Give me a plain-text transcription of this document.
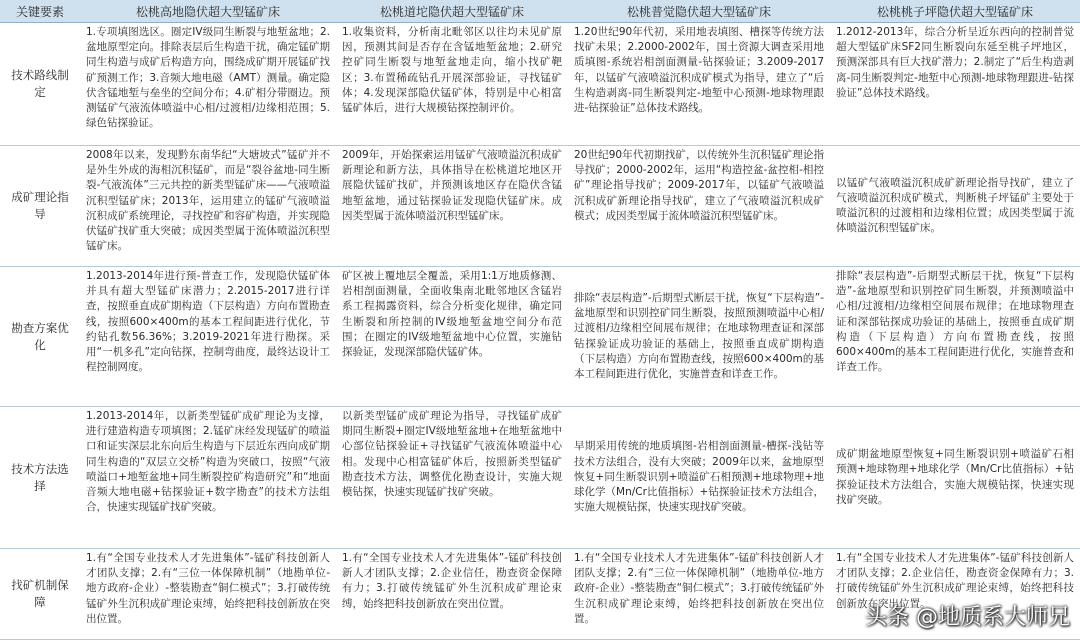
关键要素	松桃高地隐伏超大型锰矿床	松桃道坨隐伏超大型锰矿床	松桃普觉隐伏超大型锰矿床	松桃桃子坪隐伏超大型锰矿床
技术路线制定	1.专项填图选区。圈定IV级同生断裂与地堑盆地；2.盆地原型定向。排除表层后生构造干扰，确定锰矿期同生构造与成矿后构造方向，围绕成矿期开展锰矿找矿预测工作；3.音频大地电磁（AMT）测量。确定隐伏含锰地堑与垒坐的空间分布；4.矿相分带圈边。预测锰矿气液流体喷溢中心相/过渡相/边缘相范围；5.绿色钻探验证。	1.收集资料，分析南北毗邻区以往均未见矿原因，预测其间是否存在含锰地堑盆地；2.研究控矿同生断裂与地堑盆地走向，缩小找矿靶区；3.布置稀疏钻孔开展深部验证，寻找锰矿体；4.发现深部隐伏锰矿体，特别是中心相富锰矿体后，进行大规模钻探控制评价。	1.20世纪90年代初，采用地表填图、槽探等传统方法找矿未果；2.2000-2002年，国土资源大调查采用地质填图-系统岩相剖面测量-钻探验证；3.2009-2017年，以锰矿气液喷溢沉积成矿模式为指导，建立了“后生构造剥离-同生断裂判定-地堑中心预测-地球物理跟进-钻探验证”总体技术路线。	1.2012-2013年，综合分析呈近东西向的控制普觉超大型锰矿床SF2同生断裂向东延至桃子坪地区，预测深部具有巨大找矿潜力；2.制定了“后生构造剥离-同生断裂判定-地堑中心预测-地球物理跟进-钻探验证”总体技术路线。
成矿理论指导	2008年以来，发现黔东南华纪“大塘坡式”锰矿并不是外生外成的海相沉积锰矿，而是“裂谷盆地-同生断裂-气液流体”三元共控的新类型锰矿床——气液喷溢沉积型锰矿床；2013年，运用建立的锰矿气液喷溢沉积成矿系统理论，寻找控矿和容矿构造，并实现隐伏锰矿找矿重大突破；成因类型属于流体喷溢沉积型锰矿床。	2009年，开始探索运用锰矿气液喷溢沉积成矿新理论和新方法，具体指导在松桃道坨地区开展隐伏锰矿找矿，并预测该地区存在隐伏含锰地堑盆地，通过钻探验证发现隐伏锰矿床。成因类型属于流体喷溢沉积型锰矿床。	20世纪90年代初期找矿，以传统外生沉积锰矿理论指导找矿；2000-2002年，运用“构造控盆-盆控相-相控矿”理论指导找矿；2009-2017年，以锰矿气液喷溢沉积成矿新理论指导找矿，建立了气液喷溢沉积成矿模式；成因类型属于流体喷溢沉积型锰矿床。	以锰矿气液喷溢沉积成矿新理论指导找矿，建立了气液喷溢沉积成矿模式，判断桃子坪锰矿主要处于喷溢沉积的过渡相和边缘相位置；成因类型属于流体喷溢沉积型锰矿床。
勘查方案优化	1.2013-2014年进行预-普查工作，发现隐伏锰矿体并具有超大型锰矿床潜力；2.2015-2017进行详查，按照垂直成矿期构造（下层构造）方向布置勘查线，按照600×400m的基本工程间距进行优化，节约钻孔数56.36%；3.2019-2021年进行勘探。采用“一机多孔”定向钻探，控制弯曲度，最终达设计工程控制网度。	矿区被上覆地层全覆盖，采用1:1万地质修测、岩相剖面测量，全面收集南北毗邻地区含锰岩系工程揭露资料，综合分析变化规律，确定同生断裂和所控制的IV级地堑盆地空间分布范围；在圈定的IV级地堑盆地中心位置，实施钻探验证，发现深部隐伏锰矿体。	排除“表层构造”-后期型式断层干扰，恢复“下层构造”-盆地原型和识别控矿同生断裂，按照预测喷溢中心相/过渡相/边缘相空间展布规律；在地球物理查证和深部钻探验证成功验证的基础上，按照垂直成矿期构造（下层构造）方向布置勘查线，按照600×400m的基本工程间距进行优化，实施普查和详查工作。	排除“表层构造”-后期型式断层干扰，恢复“下层构造”-盆地原型和识别控矿同生断裂，并预测喷溢中心相/过渡相/边缘相空间展布规律；在地球物理查证和深部钻探成功验证的基础上，按照垂直成矿期构造（下层构造）方向布置勘查线，按照600×400m的基本工程间距进行优化，实施普查和详查工作。
技术方法选择	1.2013-2014年，以新类型锰矿成矿理论为支撑，进行建造构造专项填图；2.锰矿床经发现锰矿的喷溢口和证实深层北东向后生构造与下层近东西向成矿期同生构造的“双层立交桥”构造为突破口，按照“气液喷溢口+地堑盆地+同生断裂控矿构造研究”和“地面音频大地电磁+钻探验证+数字勘查”的技术方法组合，快速实现锰矿找矿突破。	以新类型锰矿成矿理论为指导，寻找锰矿成矿期同生断裂+圈定IV级地堑盆地+在地堑盆地中心部位钻探验证+寻找锰矿气液流体喷溢中心相。发现中心相富锰矿体后，按照新类型锰矿勘查技术方法，调整优化勘查设计，实施大规模钻探，快速实现锰矿找矿突破。	早期采用传统的地质填图-岩相剖面测量-槽探-浅钻等技术方法组合，没有大突破；2009年以来，盆地原型恢复+同生断裂识别+喷溢矿石相预测+地球物理+地球化学（Mn/Cr比值指标）+钻探验证技术方法组合，实施大规模钻探，快速实现找矿突破。	成矿期盆地原型恢复+同生断裂识别+喷溢矿石相预测+地球物理+地球化学（Mn/Cr比值指标）+钻探验证技术方法组合，实施大规模钻探，快速实现找矿突破。
找矿机制保障	1.有“全国专业技术人才先进集体”-锰矿科技创新人才团队支撑；2.有“三位一体保障机制”（地勘单位-地方政府-企业）-整装勘查“铜仁模式”；3.打破传统锰矿外生沉积成矿理论束缚，始终把科技创新放在突出位置。	1.有“全国专业技术人才先进集体”-锰矿科技创新人才团队支撑；2.企业信任，勘查资金保障有力；3.打破传统锰矿外生沉积成矿理论束缚，始终把科技创新放在突出位置。	1.有“全国专业技术人才先进集体”-锰矿科技创新人才团队支撑；2.有“三位一体保障机制”（地勘单位-地方政府-企业）-整装勘查“铜仁模式”；3.打破传统锰矿外生沉积成矿理论束缚，始终把科技创新放在突出位置。	1.有“全国专业技术人才先进集体”-锰矿科技创新人才团队支撑；2.企业信任，勘查资金保障有力；3.打破传统锰矿外生沉积成矿理论束缚，始终把科技创新放在突出位置。
头条 @地质系大师兄
